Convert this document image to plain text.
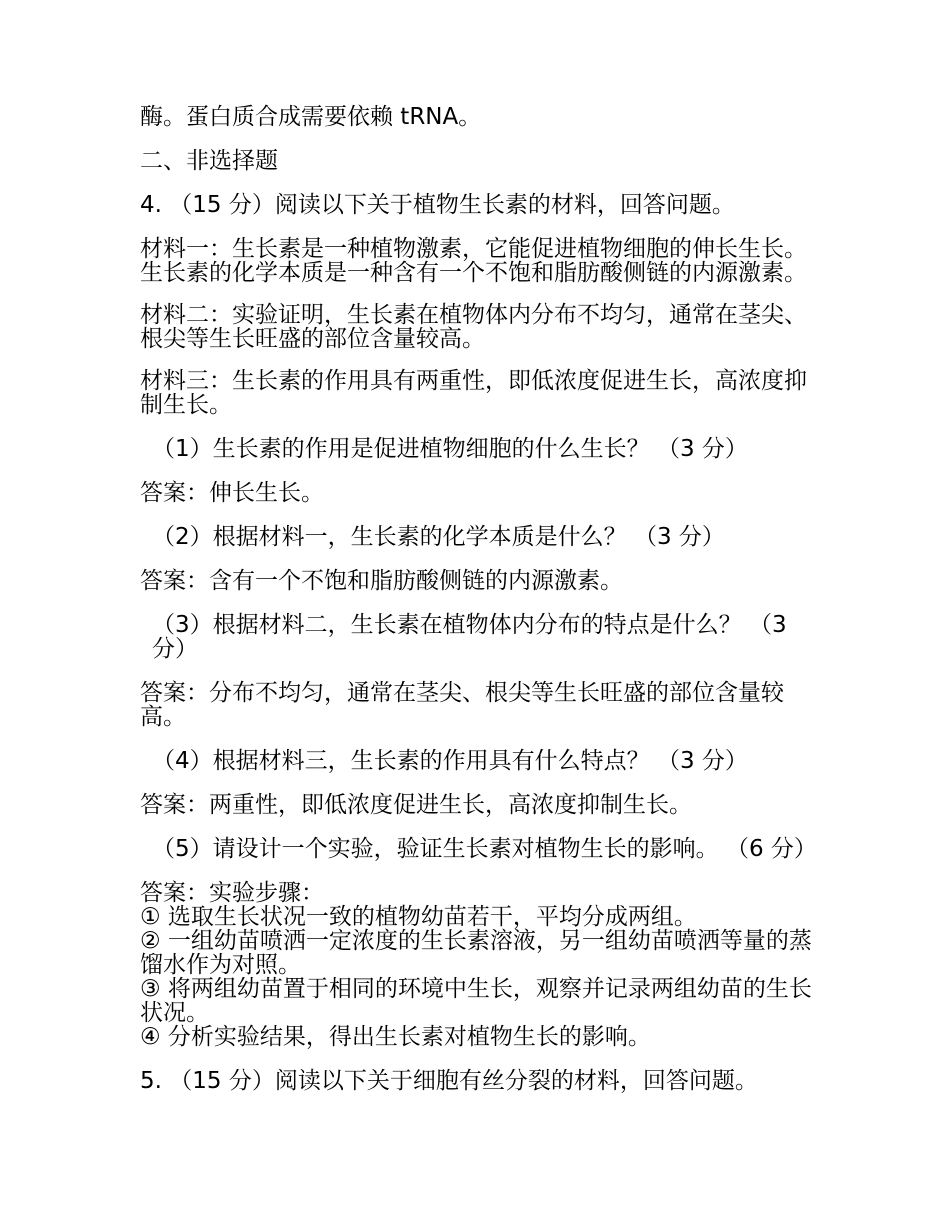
酶。蛋白质合成需要依赖 tRNA。

二、非选择题

4. （15 分）阅读以下关于植物生长素的材料，回答问题。

材料一：生长素是一种植物激素，它能促进植物细胞的伸长生长。生长素的化学本质是一种含有一个不饱和脂肪酸侧链的内源激素。

材料二：实验证明，生长素在植物体内分布不均匀，通常在茎尖、根尖等生长旺盛的部位含量较高。

材料三：生长素的作用具有两重性，即低浓度促进生长，高浓度抑制生长。

（1）生长素的作用是促进植物细胞的什么生长？ （3 分）

答案：伸长生长。

（2）根据材料一，生长素的化学本质是什么？ （3 分）

答案：含有一个不饱和脂肪酸侧链的内源激素。

（3）根据材料二，生长素在植物体内分布的特点是什么？ （3 分）

答案：分布不均匀，通常在茎尖、根尖等生长旺盛的部位含量较高。

（4）根据材料三，生长素的作用具有什么特点？ （3 分）

答案：两重性，即低浓度促进生长，高浓度抑制生长。

（5）请设计一个实验，验证生长素对植物生长的影响。 （6 分）

答案：实验步骤：
① 选取生长状况一致的植物幼苗若干，平均分成两组。
② 一组幼苗喷洒一定浓度的生长素溶液，另一组幼苗喷洒等量的蒸馏水作为对照。
③ 将两组幼苗置于相同的环境中生长，观察并记录两组幼苗的生长状况。
④ 分析实验结果，得出生长素对植物生长的影响。

5. （15 分）阅读以下关于细胞有丝分裂的材料，回答问题。
